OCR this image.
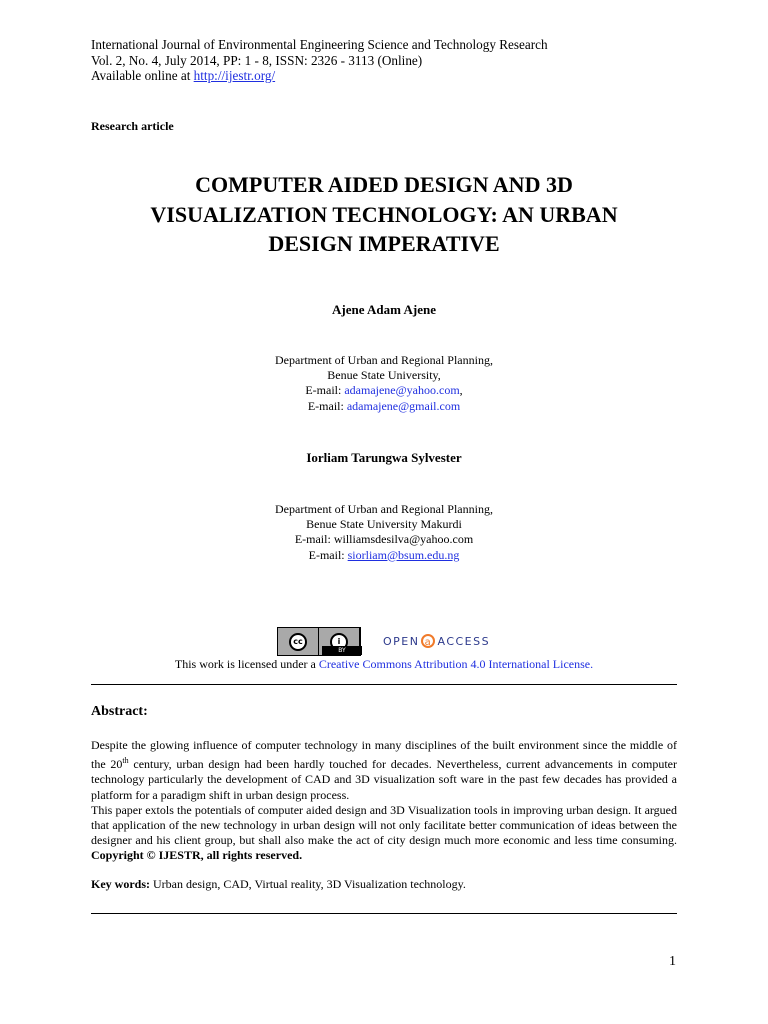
International Journal of Environmental Engineering Science and Technology Research
Vol. 2, No. 4, July 2014, PP: 1 - 8, ISSN: 2326 - 3113 (Online)
Available online at http://ijestr.org/
Research article
COMPUTER AIDED DESIGN AND 3D
VISUALIZATION TECHNOLOGY: AN URBAN
DESIGN IMPERATIVE
Ajene Adam Ajene
Department of Urban and Regional Planning,
Benue State University,
E-mail: adamajene@yahoo.com,
E-mail: adamajene@gmail.com
Iorliam Tarungwa Sylvester
Department of Urban and Regional Planning,
Benue State University Makurdi
E-mail: williamsdesilva@yahoo.com
E-mail: siorliam@bsum.edu.ng
cc	i
BY
OPEN a ACCESS
This work is licensed under a Creative Commons Attribution 4.0 International License.
Abstract:
Despite the glowing influence of computer technology in many disciplines of the built environment since the middle of the 20th century, urban design had been hardly touched for decades. Nevertheless, current advancements in computer technology particularly the development of CAD and 3D visualization soft ware in the past few decades has provided a platform for a paradigm shift in urban design process.
This paper extols the potentials of computer aided design and 3D Visualization tools in improving urban design. It argued that application of the new technology in urban design will not only facilitate better communication of ideas between the designer and his client group, but shall also make the act of city design much more economic and less time consuming. Copyright © IJESTR, all rights reserved.
Key words: Urban design, CAD, Virtual reality, 3D Visualization technology.
1
